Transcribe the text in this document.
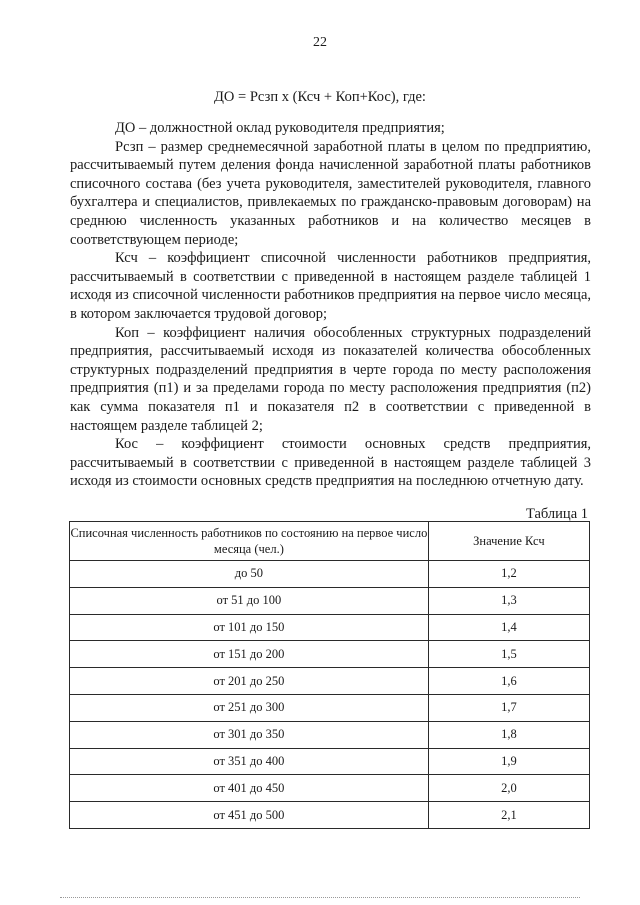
22
ДО = Рсзп х (Ксч + Коп+Кос), где:

ДО – должностной оклад руководителя предприятия;

Рсзп – размер среднемесячной заработной платы в целом по предприятию, рассчитываемый путем деления фонда начисленной заработной платы работников списочного состава (без учета руководителя, заместителей руководителя, главного бухгалтера и специалистов, привлекаемых по гражданско-правовым договорам) на среднюю численность указанных работников и на количество месяцев в соответствующем периоде;

Ксч – коэффициент списочной численности работников предприятия, рассчитываемый в соответствии с приведенной в настоящем разделе таблицей 1 исходя из списочной численности работников предприятия на первое число месяца, в котором заключается трудовой договор;

Коп – коэффициент наличия обособленных структурных подразделений предприятия, рассчитываемый исходя из показателей количества обособленных структурных подразделений предприятия в черте города по месту расположения предприятия (п1) и за пределами города по месту расположения предприятия (п2) как сумма показателя п1 и показателя п2 в соответствии с приведенной в настоящем разделе таблицей 2;

Кос – коэффициент стоимости основных средств предприятия, рассчитываемый в соответствии с приведенной в настоящем разделе таблицей 3 исходя из стоимости основных средств предприятия на последнюю отчетную дату.

Таблица 1
Списочная численность работников по состоянию на первое число месяца (чел.)	Значение Ксч
до 50	1,2
от 51 до 100	1,3
от 101 до 150	1,4
от 151 до 200	1,5
от 201 до 250	1,6
от 251 до 300	1,7
от 301 до 350	1,8
от 351 до 400	1,9
от 401 до 450	2,0
от 451 до 500	2,1
